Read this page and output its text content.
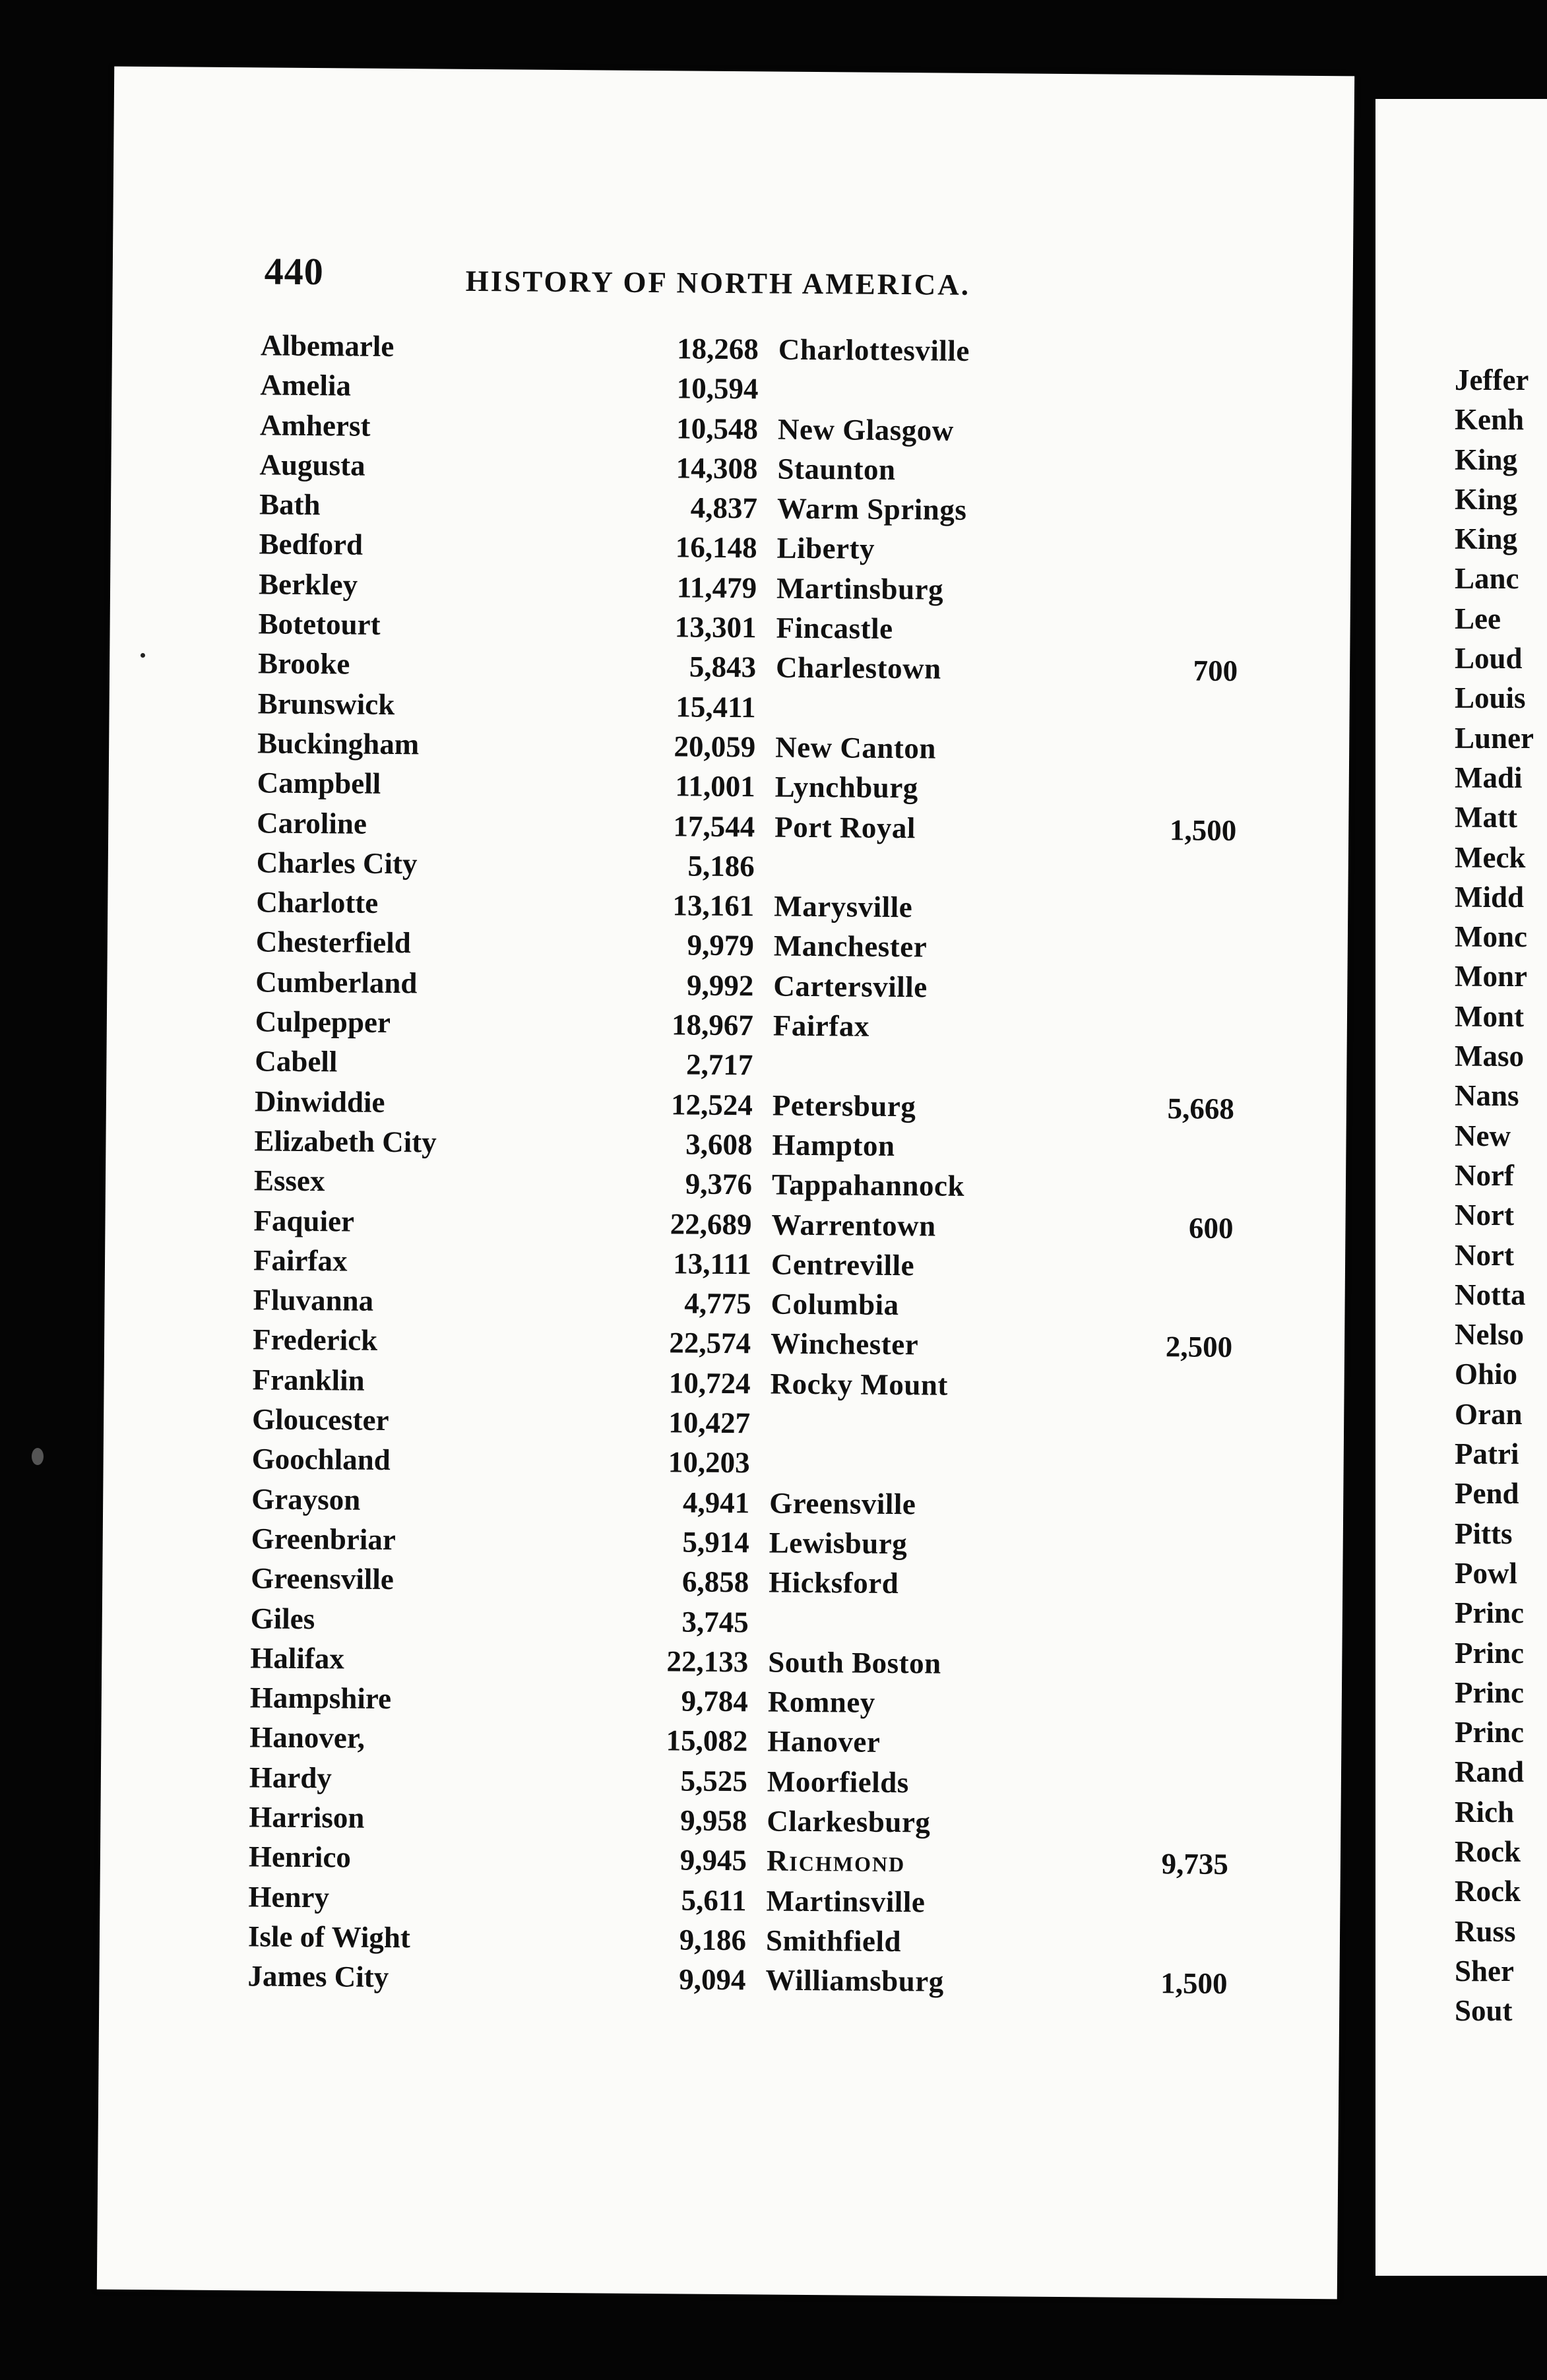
440	HISTORY OF NORTH AMERICA.
Albemarle	18,268 Charlottesville
Amelia	10,594
Amherst	10,548 New Glasgow
Augusta	14,308 Staunton
Bath	4,837 Warm Springs
Bedford	16,148 Liberty
Berkley	11,479 Martinsburg
Botetourt	13,301 Fincastle
Brooke	5,843 Charlestown	700
Brunswick	15,411
Buckingham	20,059 New Canton
Campbell	11,001 Lynchburg
Caroline	17,544 Port Royal	1,500
Charles City	5,186
Charlotte	13,161 Marysville
Chesterfield	9,979 Manchester
Cumberland	9,992 Cartersville
Culpepper	18,967 Fairfax
Cabell	2,717
Dinwiddie	12,524 Petersburg	5,668
Elizabeth City	3,608 Hampton
Essex	9,376 Tappahannock
Faquier	22,689 Warrentown	600
Fairfax	13,111 Centreville
Fluvanna	4,775 Columbia
Frederick	22,574 Winchester	2,500
Franklin	10,724 Rocky Mount
Gloucester	10,427
Goochland	10,203
Grayson	4,941 Greensville
Greenbriar	5,914 Lewisburg
Greensville	6,858 Hicksford
Giles	3,745
Halifax	22,133 South Boston
Hampshire	9,784 Romney
Hanover,	15,082 Hanover
Hardy	5,525 Moorfields
Harrison	9,958 Clarkesburg
Henrico	9,945 Richmond	9,735
Henry	5,611 Martinsville
Isle of Wight	9,186 Smithfield
James City	9,094 Williamsburg	1,500
Jeffer
Kenh
King
King
King
Lanc
Lee
Loud
Louis
Luner
Madi
Matt
Meck
Midd
Monc
Monr
Mont
Maso
Nans
New
Norf
Nort
Nort
Notta
Nelso
Ohio
Oran
Patri
Pend
Pitts
Powl
Princ
Princ
Princ
Princ
Rand
Rich
Rock
Rock
Russ
Sher
Sout
